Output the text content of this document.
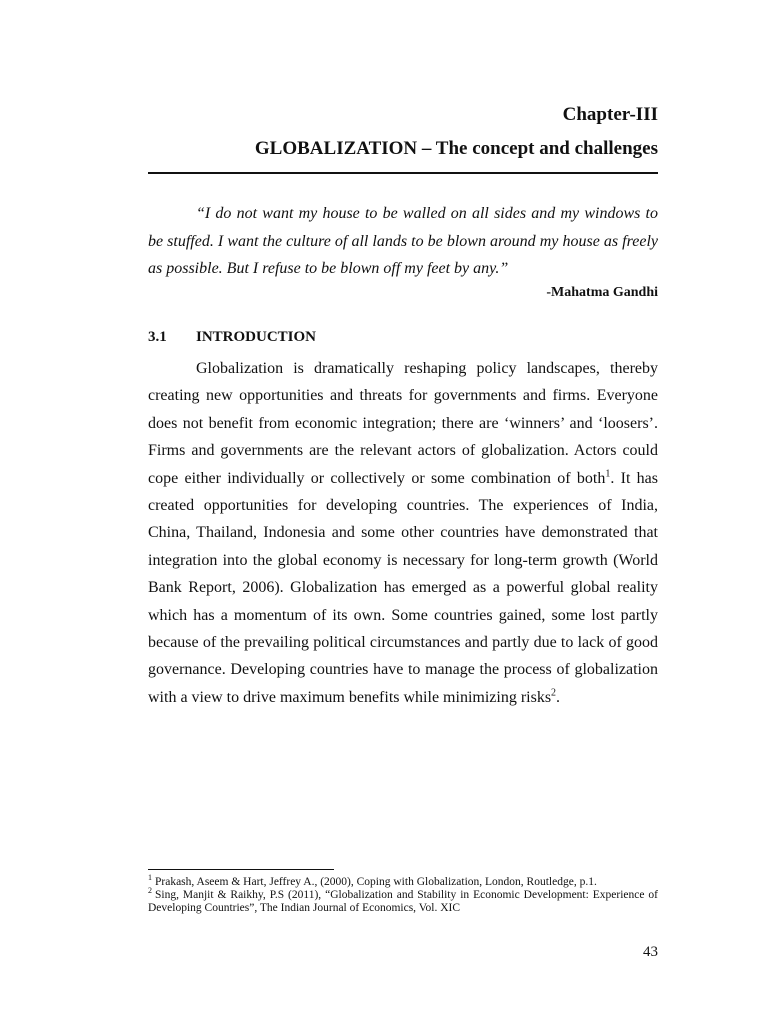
Chapter-III
GLOBALIZATION – The concept and challenges

“I do not want my house to be walled on all sides and my windows to be stuffed. I want the culture of all lands to be blown around my house as freely as possible. But I refuse to be blown off my feet by any.”

-Mahatma Gandhi
3.1 INTRODUCTION

Globalization is dramatically reshaping policy landscapes, thereby creating new opportunities and threats for governments and firms. Everyone does not benefit from economic integration; there are ‘winners’ and ‘loosers’. Firms and governments are the relevant actors of globalization. Actors could cope either individually or collectively or some combination of both$^1$. It has created opportunities for developing countries. The experiences of India, China, Thailand, Indonesia and some other countries have demonstrated that integration into the global economy is necessary for long-term growth (World Bank Report, 2006). Globalization has emerged as a powerful global reality which has a momentum of its own. Some countries gained, some lost partly because of the prevailing political circumstances and partly due to lack of good governance. Developing countries have to manage the process of globalization with a view to drive maximum benefits while minimizing risks$^2$.

$^1$ Prakash, Aseem & Hart, Jeffrey A., (2000), Coping with Globalization, London, Routledge, p.1.

$^2$ Sing, Manjit & Raikhy, P.S (2011), “Globalization and Stability in Economic Development: Experience of Developing Countries”, The Indian Journal of Economics, Vol. XIC

43
